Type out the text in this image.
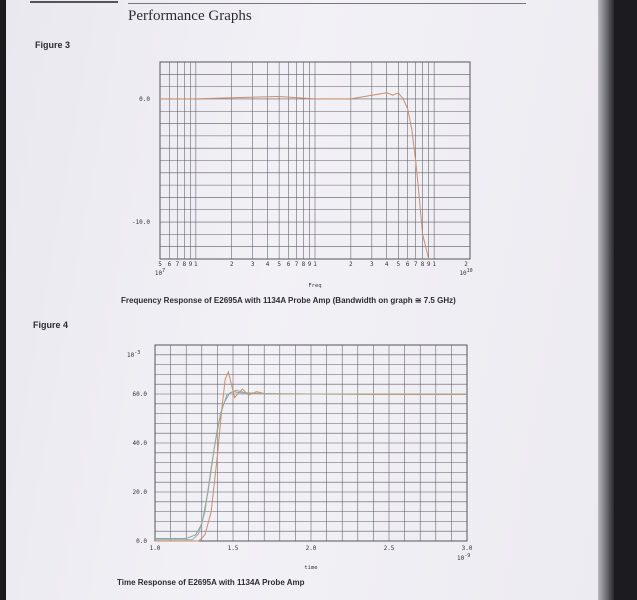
Performance Graphs
Figure 3
Figure 4
Frequency Response of E2695A with 1134A Probe Amp (Bandwidth on graph ≅ 7.5 GHz)
Time Response of E2695A with 1134A Probe Amp
5 6 7 8 9 1	2	3 4 5 6 7 8 9 1	2	3 4 5 6 7 8 9 1	2
$10^7$	$10^{10}$
0.0
-10.0
Freq
1.0	1.5	2.0	2.5	3.0
0.0
20.0
40.0
60.0
$10^{-3}$
$10^{-9}$
time
